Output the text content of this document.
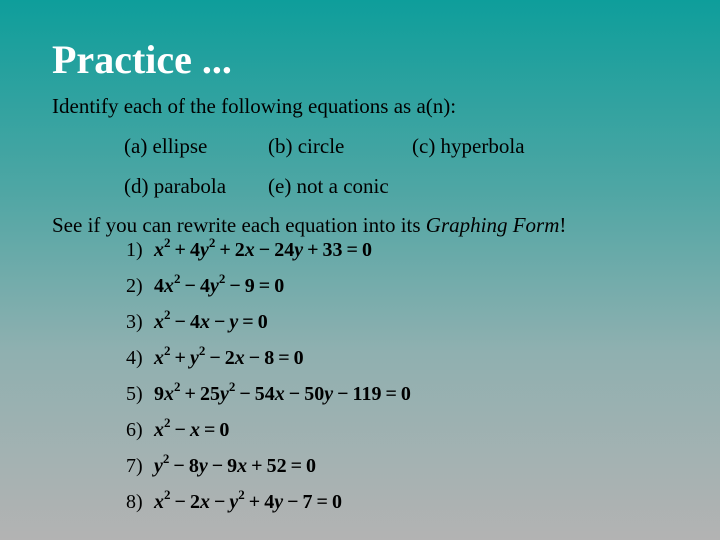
Practice ...
Identify each of the following equations as a(n):
(a) ellipse	(b) circle	(c) hyperbola
(d) parabola (e) not a conic
See if you can rewrite each equation into its Graphing Form!
1) $x^2 + 4y^2 + 2x - 24y + 33 = 0$
2) $4x^2 - 4y^2 - 9 = 0$
3) $x^2 - 4x - y = 0$
4) $x^2 + y^2 - 2x - 8 = 0$
5) $9x^2 + 25y^2 - 54x - 50y - 119 = 0$
6) $x^2 - x = 0$
7) $y^2 - 8y - 9x + 52 = 0$
8) $x^2 - 2x - y^2 + 4y - 7 = 0$
